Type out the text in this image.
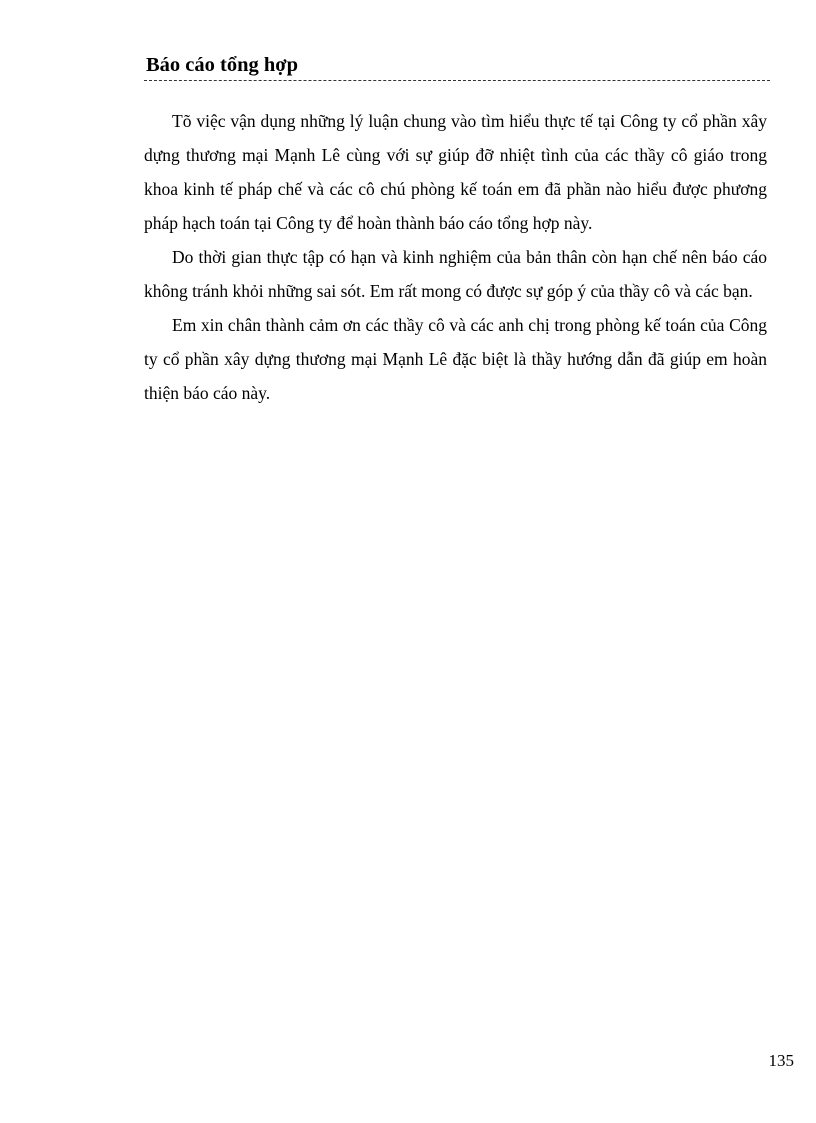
Báo cáo tổng hợp

Tõ việc vận dụng những lý luận chung vào tìm hiểu thực tế tại Công ty cổ phần xây dựng thương mại Mạnh Lê cùng với sự giúp đỡ nhiệt tình của các thầy cô giáo trong khoa kinh tế pháp chế và các cô chú phòng kế toán em đã phần nào hiểu được phương pháp hạch toán tại Công ty để hoàn thành báo cáo tổng hợp này.

Do thời gian thực tập có hạn và kinh nghiệm của bản thân còn hạn chế nên báo cáo không tránh khỏi những sai sót. Em rất mong có được sự góp ý của thầy cô và các bạn.

Em xin chân thành cảm ơn các thầy cô và các anh chị trong phòng kế toán của Công ty cổ phần xây dựng thương mại Mạnh Lê đặc biệt là thầy hướng dẫn đã giúp em hoàn thiện báo cáo này.

135
